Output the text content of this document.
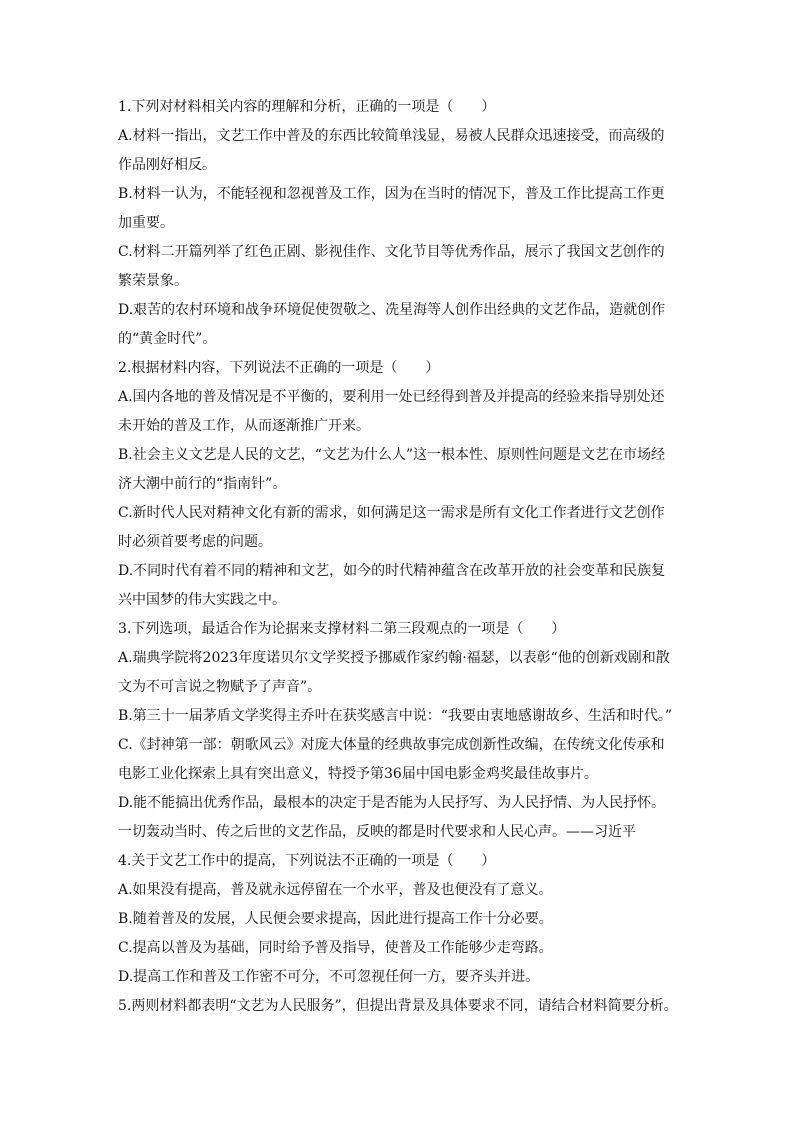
1.下列对材料相关内容的理解和分析，正确的一项是（　　）
A.材料一指出，文艺工作中普及的东西比较简单浅显，易被人民群众迅速接受，而高级的作品刚好相反。
B.材料一认为，不能轻视和忽视普及工作，因为在当时的情况下，普及工作比提高工作更加重要。
C.材料二开篇列举了红色正剧、影视佳作、文化节目等优秀作品，展示了我国文艺创作的繁荣景象。
D.艰苦的农村环境和战争环境促使贺敬之、冼星海等人创作出经典的文艺作品，造就创作的“黄金时代”。
2.根据材料内容，下列说法不正确的一项是（　　）
A.国内各地的普及情况是不平衡的，要利用一处已经得到普及并提高的经验来指导别处还未开始的普及工作，从而逐渐推广开来。
B.社会主义文艺是人民的文艺，“文艺为什么人”这一根本性、原则性问题是文艺在市场经济大潮中前行的“指南针”。
C.新时代人民对精神文化有新的需求，如何满足这一需求是所有文化工作者进行文艺创作时必须首要考虑的问题。
D.不同时代有着不同的精神和文艺，如今的时代精神蕴含在改革开放的社会变革和民族复兴中国梦的伟大实践之中。
3.下列选项，最适合作为论据来支撑材料二第三段观点的一项是（　　）
A.瑞典学院将2023年度诺贝尔文学奖授予挪威作家约翰·福瑟，以表彰“他的创新戏剧和散文为不可言说之物赋予了声音”。
B.第三十一届茅盾文学奖得主乔叶在获奖感言中说：“我要由衷地感谢故乡、生活和时代。”
C.《封神第一部：朝歌风云》对庞大体量的经典故事完成创新性改编，在传统文化传承和电影工业化探索上具有突出意义，特授予第36届中国电影金鸡奖最佳故事片。
D.能不能搞出优秀作品，最根本的决定于是否能为人民抒写、为人民抒情、为人民抒怀。一切轰动当时、传之后世的文艺作品，反映的都是时代要求和人民心声。——习近平
4.关于文艺工作中的提高，下列说法不正确的一项是（　　）
A.如果没有提高，普及就永远停留在一个水平，普及也便没有了意义。
B.随着普及的发展，人民便会要求提高，因此进行提高工作十分必要。
C.提高以普及为基础，同时给予普及指导，使普及工作能够少走弯路。
D.提高工作和普及工作密不可分，不可忽视任何一方，要齐头并进。
5.两则材料都表明“文艺为人民服务”，但提出背景及具体要求不同，请结合材料简要分析。
